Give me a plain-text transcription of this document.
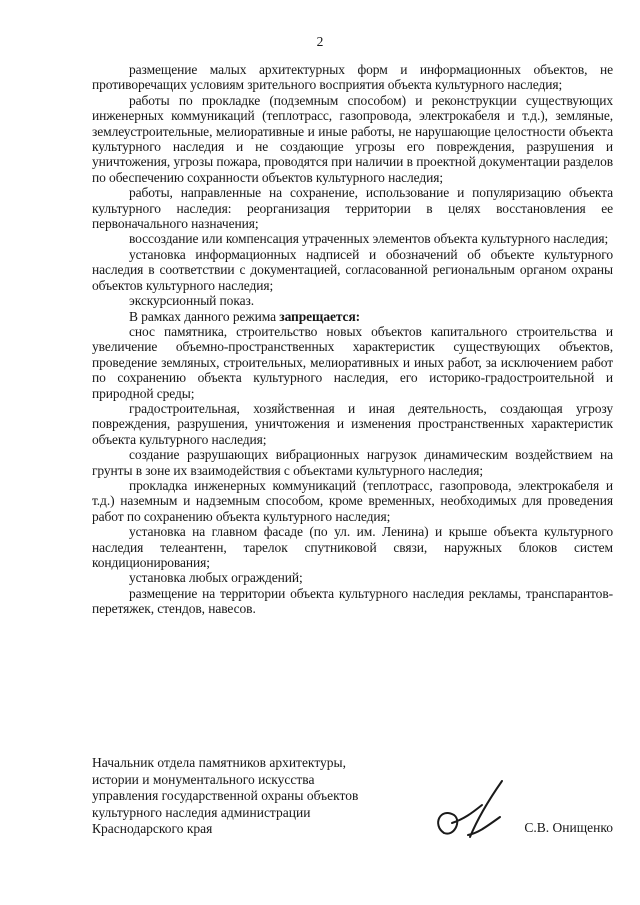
2

размещение малых архитектурных форм и информационных объектов, не противоречащих условиям зрительного восприятия объекта культурного наследия;

работы по прокладке (подземным способом) и реконструкции существующих инженерных коммуникаций (теплотрасс, газопровода, электрокабеля и т.д.), земляные, землеустроительные, мелиоративные и иные работы, не нарушающие целостности объекта культурного наследия и не создающие угрозы его повреждения, разрушения и уничтожения, угрозы пожара, проводятся при наличии в проектной документации разделов по обеспечению сохранности объектов культурного наследия;

работы, направленные на сохранение, использование и популяризацию объекта культурного наследия: реорганизация территории в целях восстановления ее первоначального назначения;

воссоздание или компенсация утраченных элементов объекта культурного наследия;

установка информационных надписей и обозначений об объекте культурного наследия в соответствии с документацией, согласованной региональным органом охраны объектов культурного наследия;

экскурсионный показ.

В рамках данного режима запрещается:

снос памятника, строительство новых объектов капитального строительства и увеличение объемно-пространственных характеристик существующих объектов, проведение земляных, строительных, мелиоративных и иных работ, за исключением работ по сохранению объекта культурного наследия, его историко-градостроительной и природной среды;

градостроительная, хозяйственная и иная деятельность, создающая угрозу повреждения, разрушения, уничтожения и изменения пространственных характеристик объекта культурного наследия;

создание разрушающих вибрационных нагрузок динамическим воздействием на грунты в зоне их взаимодействия с объектами культурного наследия;

прокладка инженерных коммуникаций (теплотрасс, газопровода, электрокабеля и т.д.) наземным и надземным способом, кроме временных, необходимых для проведения работ по сохранению объекта культурного наследия;

установка на главном фасаде (по ул. им. Ленина) и крыше объекта культурного наследия телеантенн, тарелок спутниковой связи, наружных блоков систем кондиционирования;

установка любых ограждений;

размещение на территории объекта культурного наследия рекламы, транспарантов-перетяжек, стендов, навесов.

Начальник отдела памятников архитектуры,
истории и монументального искусства
управления государственной охраны объектов
культурного наследия администрации
Краснодарского края	С.В. Онищенко
